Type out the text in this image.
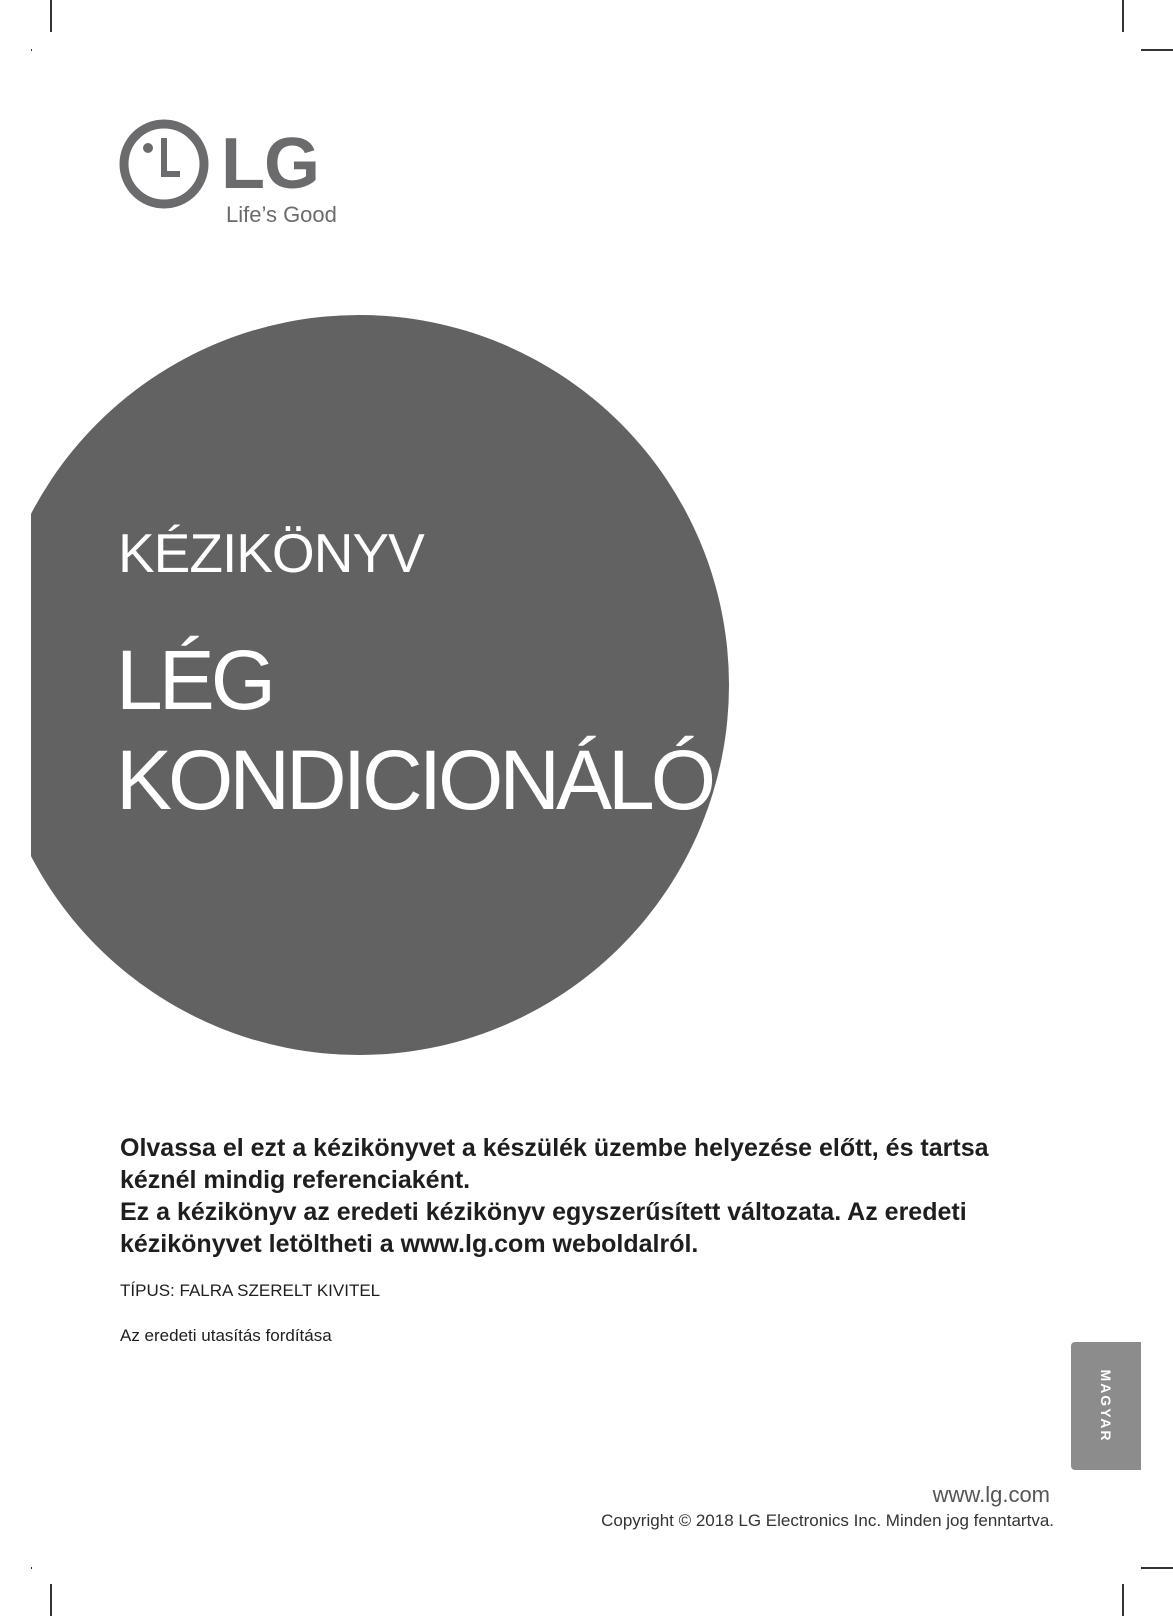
LG
Life’s Good
KÉZIKÖNYV
LÉG
KONDICIONÁLÓ

Olvassa el ezt a kézikönyvet a készülék üzembe helyezése előtt, és tartsa kéznél mindig referenciaként.

Ez a kézikönyv az eredeti kézikönyv egyszerűsített változata. Az eredeti kézikönyvet letöltheti a www.lg.com weboldalról.

TÍPUS: FALRA SZERELT KIVITEL
Az eredeti utasítás fordítása
MAGYAR
www.lg.com
Copyright © 2018 LG Electronics Inc. Minden jog fenntartva.
